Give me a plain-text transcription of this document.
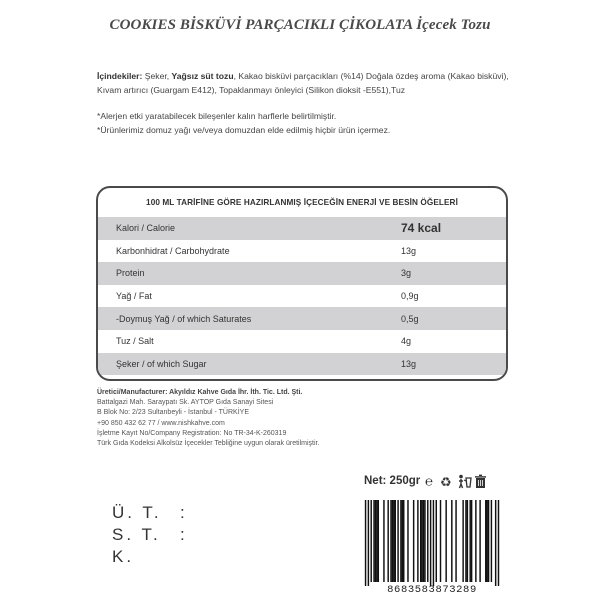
COOKIES BİSKÜVİ PARÇACIKLI ÇİKOLATA İçecek Tozu
İçindekiler: Şeker, Yağsız süt tozu, Kakao bisküvi parçacıkları (%14) Doğala özdeş aroma (Kakao bisküvi), Kıvam artırıcı (Guargam E412), Topaklanmayı önleyici (Silikon dioksit -E551),Tuz
*Alerjen etki yaratabilecek bileşenler kalın harflerle belirtilmiştir.
*Ürünlerimiz domuz yağı ve/veya domuzdan elde edilmiş hiçbir ürün içermez.
100 ML TARİFİNE GÖRE HAZIRLANMIŞ İÇECEĞİN ENERJİ VE BESİN ÖĞELERİ
Kalori / Calorie	74 kcal
Karbonhidrat / Carbohydrate	13g
Protein	3g
Yağ / Fat	0,9g
-Doymuş Yağ / of which Saturates	0,5g
Tuz / Salt	4g
Şeker / of which Sugar	13g
Üretici/Manufacturer: Akyıldız Kahve Gıda İhr. İth. Tic. Ltd. Şti.
Battalgazi Mah. Saraypatı Sk. AYTOP Gıda Sanayi Sitesi
B Blok No: 2/23 Sultanbeyli - İstanbul - TÜRKİYE
+90 850 432 62 77 / www.nishkahve.com
İşletme Kayıt No/Company Registration: No TR-34-K-260319
Türk Gıda Kodeksi Alkolsüz İçecekler Tebliğine uygun olarak üretilmiştir.
Net: 250gr ℮ ♻
Ü. T.	:
S. T. K.
:
8683583873289
